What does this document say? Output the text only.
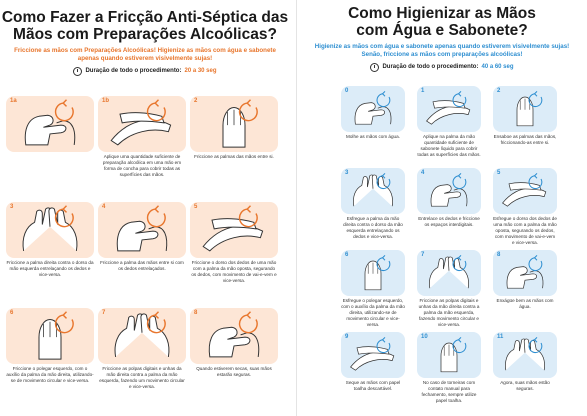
Como Fazer a Fricção Anti-Séptica das
Mãos com Preparações Alcoólicas?
Friccione as mãos com Preparações Alcoólicas! Higienize as mãos com água e sabonete apenas quando estiverem visivelmente sujas!
Duração de todo o procedimento: 20 a 30 seg
1a	1b
Aplique uma quantidade suficiente de preparação alcoólica em uma mão em forma de concha para cobrir todas as superfícies das mãos.
2
Friccione as palmas das mãos entre si.
3
Friccione a palma direita contra o dorso da mão esquerda entrelaçando os dedos e vice-versa.
4
Friccione a palma das mãos entre si com os dedos entrelaçados.
5
Friccione o dorso dos dedos de uma mão com a palma da mão oposta, segurando os dedos, com movimento de vai-e-vem e vice-versa.
6
Friccione o polegar esquerdo, com o auxílio da palma da mão direita, utilizando-se de movimento circular e vice-versa.
7
Friccione as polpas digitais e unhas da mão direita contra a palma da mão esquerda, fazendo um movimento circular e vice-versa.
8
Quando estiverem secas, suas mãos estarão seguras.
Como Higienizar as Mãos
com Água e Sabonete?
Higienize as mãos com água e sabonete apenas quando estiverem visivelmente sujas! Senão, friccione as mãos com preparações alcoólicas!
Duração de todo o procedimento: 40 a 60 seg
0
Molhe as mãos com água.
1
Aplique na palma da mão quantidade suficiente de sabonete líquido para cobrir todas as superfícies das mãos.
2
Ensaboe as palmas das mãos, friccionando-as entre si.
3
Esfregue a palma da mão direita contra o dorso da mão esquerda entrelaçando os dedos e vice-versa.
4
Entrelace os dedos e friccione os espaços interdigitais.
5
Esfregue o dorso dos dedos de uma mão com a palma da mão oposta, segurando os dedos, com movimento de vai-e-vem e vice-versa.
6
Esfregue o polegar esquerdo, com o auxílio da palma da mão direita, utilizando-se de movimento circular e vice-versa.
7
Friccione as polpas digitais e unhas da mão direita contra a palma da mão esquerda, fazendo movimento circular e vice-versa.
8
Enxágüe bem as mãos com água.
9
Seque as mãos com papel toalha descartável.
10
No caso de torneiras com contato manual para fechamento, sempre utilize papel toalha.
11
Agora, suas mãos estão seguras.
